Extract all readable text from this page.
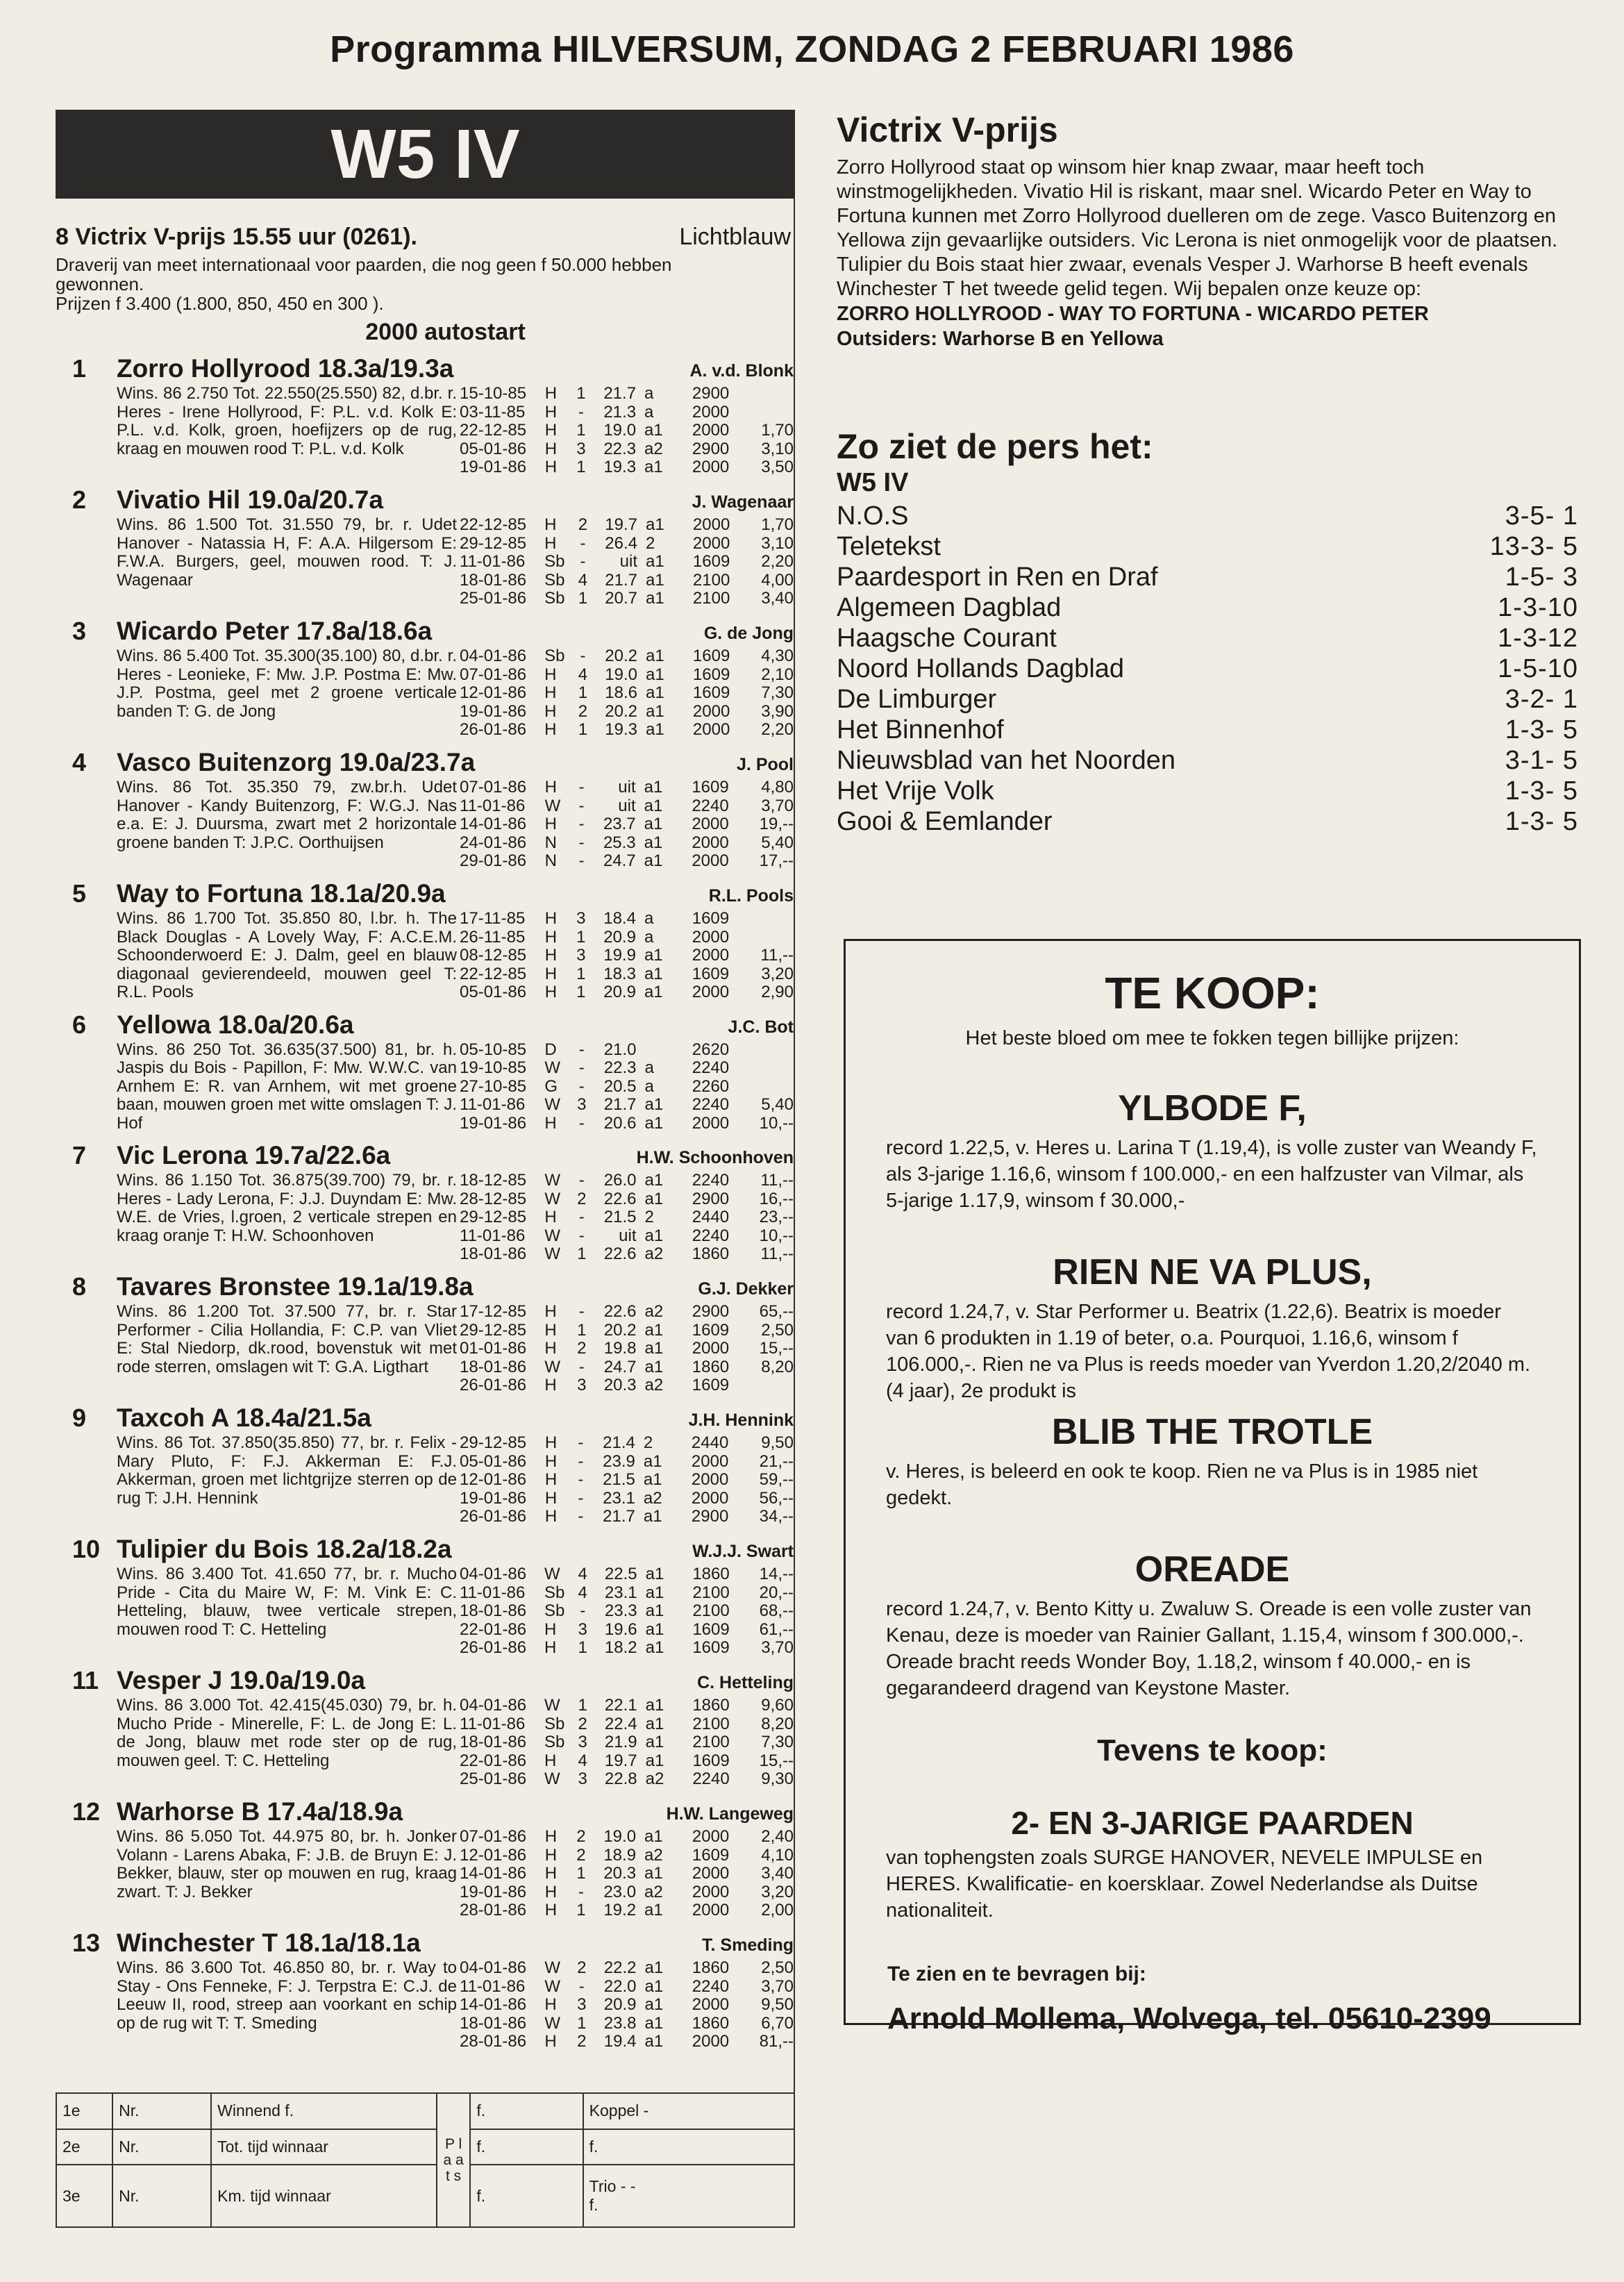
Programma HILVERSUM, ZONDAG 2 FEBRUARI 1986
W5 IV
8 Victrix V-prijs 15.55 uur (0261).	Lichtblauw
Draverij van meet internationaal voor paarden, die nog geen f 50.000 hebben gewonnen.
Prijzen f 3.400 (1.800, 850, 450 en 300 ).
2000 autostart
1	Zorro Hollyrood 18.3a/19.3a	A. v.d. Blonk
Wins. 86 2.750 Tot. 22.550(25.550) 82, d.br. r. Heres - Irene Hollyrood, F: P.L. v.d. Kolk E: P.L. v.d. Kolk, groen, hoefijzers op de rug, kraag en mouwen rood T: P.L. v.d. Kolk
15-10-85	H	1	21.7	a	2900	
03-11-85	H	-	21.3	a	2000	
22-12-85	H	1	19.0	a1	2000	1,70
05-01-86	H	3	22.3	a2	2900	3,10
19-01-86	H	1	19.3	a1	2000	3,50
2	Vivatio Hil 19.0a/20.7a	J. Wagenaar
Wins. 86 1.500 Tot. 31.550 79, br. r. Udet Hanover - Natassia H, F: A.A. Hilgersom E: F.W.A. Burgers, geel, mouwen rood. T: J. Wagenaar
22-12-85	H	2	19.7	a1	2000	1,70
29-12-85	H	-	26.4	2	2000	3,10
11-01-86	Sb	-	uit	a1	1609	2,20
18-01-86	Sb	4	21.7	a1	2100	4,00
25-01-86	Sb	1	20.7	a1	2100	3,40
3	Wicardo Peter 17.8a/18.6a	G. de Jong
Wins. 86 5.400 Tot. 35.300(35.100) 80, d.br. r. Heres - Leonieke, F: Mw. J.P. Postma E: Mw. J.P. Postma, geel met 2 groene verticale banden T: G. de Jong
04-01-86	Sb	-	20.2	a1	1609	4,30
07-01-86	H	4	19.0	a1	1609	2,10
12-01-86	H	1	18.6	a1	1609	7,30
19-01-86	H	2	20.2	a1	2000	3,90
26-01-86	H	1	19.3	a1	2000	2,20
4	Vasco Buitenzorg 19.0a/23.7a	J. Pool
Wins. 86 Tot. 35.350 79, zw.br.h. Udet Hanover - Kandy Buitenzorg, F: W.G.J. Nas e.a. E: J. Duursma, zwart met 2 horizontale groene banden T: J.P.C. Oorthuijsen
07-01-86	H	-	uit	a1	1609	4,80
11-01-86	W	-	uit	a1	2240	3,70
14-01-86	H	-	23.7	a1	2000	19,--
24-01-86	N	-	25.3	a1	2000	5,40
29-01-86	N	-	24.7	a1	2000	17,--
5	Way to Fortuna 18.1a/20.9a	R.L. Pools
Wins. 86 1.700 Tot. 35.850 80, l.br. h. The Black Douglas - A Lovely Way, F: A.C.E.M. Schoonderwoerd E: J. Dalm, geel en blauw diagonaal gevierendeeld, mouwen geel T: R.L. Pools
17-11-85	H	3	18.4	a	1609	
26-11-85	H	1	20.9	a	2000	
08-12-85	H	3	19.9	a1	2000	11,--
22-12-85	H	1	18.3	a1	1609	3,20
05-01-86	H	1	20.9	a1	2000	2,90
6	Yellowa 18.0a/20.6a	J.C. Bot
Wins. 86 250 Tot. 36.635(37.500) 81, br. h. Jaspis du Bois - Papillon, F: Mw. W.W.C. van Arnhem E: R. van Arnhem, wit met groene baan, mouwen groen met witte omslagen T: J. Hof
05-10-85	D	-	21.0		2620	
19-10-85	W	-	22.3	a	2240	
27-10-85	G	-	20.5	a	2260	
11-01-86	W	3	21.7	a1	2240	5,40
19-01-86	H	-	20.6	a1	2000	10,--
7	Vic Lerona 19.7a/22.6a	H.W. Schoonhoven
Wins. 86 1.150 Tot. 36.875(39.700) 79, br. r. Heres - Lady Lerona, F: J.J. Duyndam E: Mw. W.E. de Vries, l.groen, 2 verticale strepen en kraag oranje T: H.W. Schoonhoven
18-12-85	W	-	26.0	a1	2240	11,--
28-12-85	W	2	22.6	a1	2900	16,--
29-12-85	H	-	21.5	2	2440	23,--
11-01-86	W	-	uit	a1	2240	10,--
18-01-86	W	1	22.6	a2	1860	11,--
8	Tavares Bronstee 19.1a/19.8a	G.J. Dekker
Wins. 86 1.200 Tot. 37.500 77, br. r. Star Performer - Cilia Hollandia, F: C.P. van Vliet E: Stal Niedorp, dk.rood, bovenstuk wit met rode sterren, omslagen wit T: G.A. Ligthart
17-12-85	H	-	22.6	a2	2900	65,--
29-12-85	H	1	20.2	a1	1609	2,50
01-01-86	H	2	19.8	a1	2000	15,--
18-01-86	W	-	24.7	a1	1860	8,20
26-01-86	H	3	20.3	a2	1609	
9	Taxcoh A 18.4a/21.5a	J.H. Hennink
Wins. 86 Tot. 37.850(35.850) 77, br. r. Felix - Mary Pluto, F: F.J. Akkerman E: F.J. Akkerman, groen met lichtgrijze sterren op de rug T: J.H. Hennink
29-12-85	H	-	21.4	2	2440	9,50
05-01-86	H	-	23.9	a1	2000	21,--
12-01-86	H	-	21.5	a1	2000	59,--
19-01-86	H	-	23.1	a2	2000	56,--
26-01-86	H	-	21.7	a1	2900	34,--
10 Tulipier du Bois 18.2a/18.2a	W.J.J. Swart
Wins. 86 3.400 Tot. 41.650 77, br. r. Mucho Pride - Cita du Maire W, F: M. Vink E: C. Hetteling, blauw, twee verticale strepen, mouwen rood T: C. Hetteling
04-01-86	W	4	22.5	a1	1860	14,--
11-01-86	Sb	4	23.1	a1	2100	20,--
18-01-86	Sb	-	23.3	a1	2100	68,--
22-01-86	H	3	19.6	a1	1609	61,--
26-01-86	H	1	18.2	a1	1609	3,70
11 Vesper J 19.0a/19.0a	C. Hetteling
Wins. 86 3.000 Tot. 42.415(45.030) 79, br. h. Mucho Pride - Minerelle, F: L. de Jong E: L. de Jong, blauw met rode ster op de rug, mouwen geel. T: C. Hetteling
04-01-86	W	1	22.1	a1	1860	9,60
11-01-86	Sb	2	22.4	a1	2100	8,20
18-01-86	Sb	3	21.9	a1	2100	7,30
22-01-86	H	4	19.7	a1	1609	15,--
25-01-86	W	3	22.8	a2	2240	9,30
12 Warhorse B 17.4a/18.9a	H.W. Langeweg
Wins. 86 5.050 Tot. 44.975 80, br. h. Jonker Volann - Larens Abaka, F: J.B. de Bruyn E: J. Bekker, blauw, ster op mouwen en rug, kraag zwart. T: J. Bekker
07-01-86	H	2	19.0	a1	2000	2,40
12-01-86	H	2	18.9	a2	1609	4,10
14-01-86	H	1	20.3	a1	2000	3,40
19-01-86	H	-	23.0	a2	2000	3,20
28-01-86	H	1	19.2	a1	2000	2,00
13 Winchester T 18.1a/18.1a	T. Smeding
Wins. 86 3.600 Tot. 46.850 80, br. r. Way to Stay - Ons Fenneke, F: J. Terpstra E: C.J. de Leeuw II, rood, streep aan voorkant en schip op de rug wit T: T. Smeding
04-01-86	W	2	22.2	a1	1860	2,50
11-01-86	W	-	22.0	a1	2240	3,70
14-01-86	H	3	20.9	a1	2000	9,50
18-01-86	W	1	23.8	a1	1860	6,70
28-01-86	H	2	19.4	a1	2000	81,--
1e	Nr.	Winnend f.	P l a a t s	f.	Koppel -
2e	Nr.	Tot. tijd winnaar		f.	f.
3e	Nr.	Km. tijd winnaar		f.	Trio - -
f.
Victrix V-prijs
Zorro Hollyrood staat op winsom hier knap zwaar, maar heeft toch winstmogelijkheden. Vivatio Hil is riskant, maar snel. Wicardo Peter en Way to Fortuna kunnen met Zorro Hollyrood duelleren om de zege. Vasco Buitenzorg en Yellowa zijn gevaarlijke outsiders. Vic Lerona is niet onmogelijk voor de plaatsen. Tulipier du Bois staat hier zwaar, evenals Vesper J. Warhorse B heeft evenals Winchester T het tweede gelid tegen. Wij bepalen onze keuze op:
ZORRO HOLLYROOD - WAY TO FORTUNA - WICARDO PETER
Outsiders: Warhorse B en Yellowa
Zo ziet de pers het:
W5 IV
N.O.S	3-5- 1
Teletekst	13-3- 5
Paardesport in Ren en Draf	1-5- 3
Algemeen Dagblad	1-3-10
Haagsche Courant	1-3-12
Noord Hollands Dagblad	1-5-10
De Limburger	3-2- 1
Het Binnenhof	1-3- 5
Nieuwsblad van het Noorden	3-1- 5
Het Vrije Volk	1-3- 5
Gooi & Eemlander	1-3- 5
TE KOOP:
Het beste bloed om mee te fokken tegen billijke prijzen:
YLBODE F,
record 1.22,5, v. Heres u. Larina T (1.19,4), is volle zuster van Weandy F, als 3-jarige 1.16,6, winsom f 100.000,- en een halfzuster van Vilmar, als 5-jarige 1.17,9, winsom f 30.000,-
RIEN NE VA PLUS,
record 1.24,7, v. Star Performer u. Beatrix (1.22,6). Beatrix is moeder van 6 produkten in 1.19 of beter, o.a. Pourquoi, 1.16,6, winsom f 106.000,-. Rien ne va Plus is reeds moeder van Yverdon 1.20,2/2040 m. (4 jaar), 2e produkt is
BLIB THE TROTLE
v. Heres, is beleerd en ook te koop. Rien ne va Plus is in 1985 niet gedekt.
OREADE
record 1.24,7, v. Bento Kitty u. Zwaluw S. Oreade is een volle zuster van Kenau, deze is moeder van Rainier Gallant, 1.15,4, winsom f 300.000,-. Oreade bracht reeds Wonder Boy, 1.18,2, winsom f 40.000,- en is gegarandeerd dragend van Keystone Master.
Tevens te koop:
2- EN 3-JARIGE PAARDEN
van tophengsten zoals SURGE HANOVER, NEVELE IMPULSE en HERES. Kwalificatie- en koersklaar. Zowel Nederlandse als Duitse nationaliteit.
Te zien en te bevragen bij:
Arnold Mollema, Wolvega, tel. 05610-2399
